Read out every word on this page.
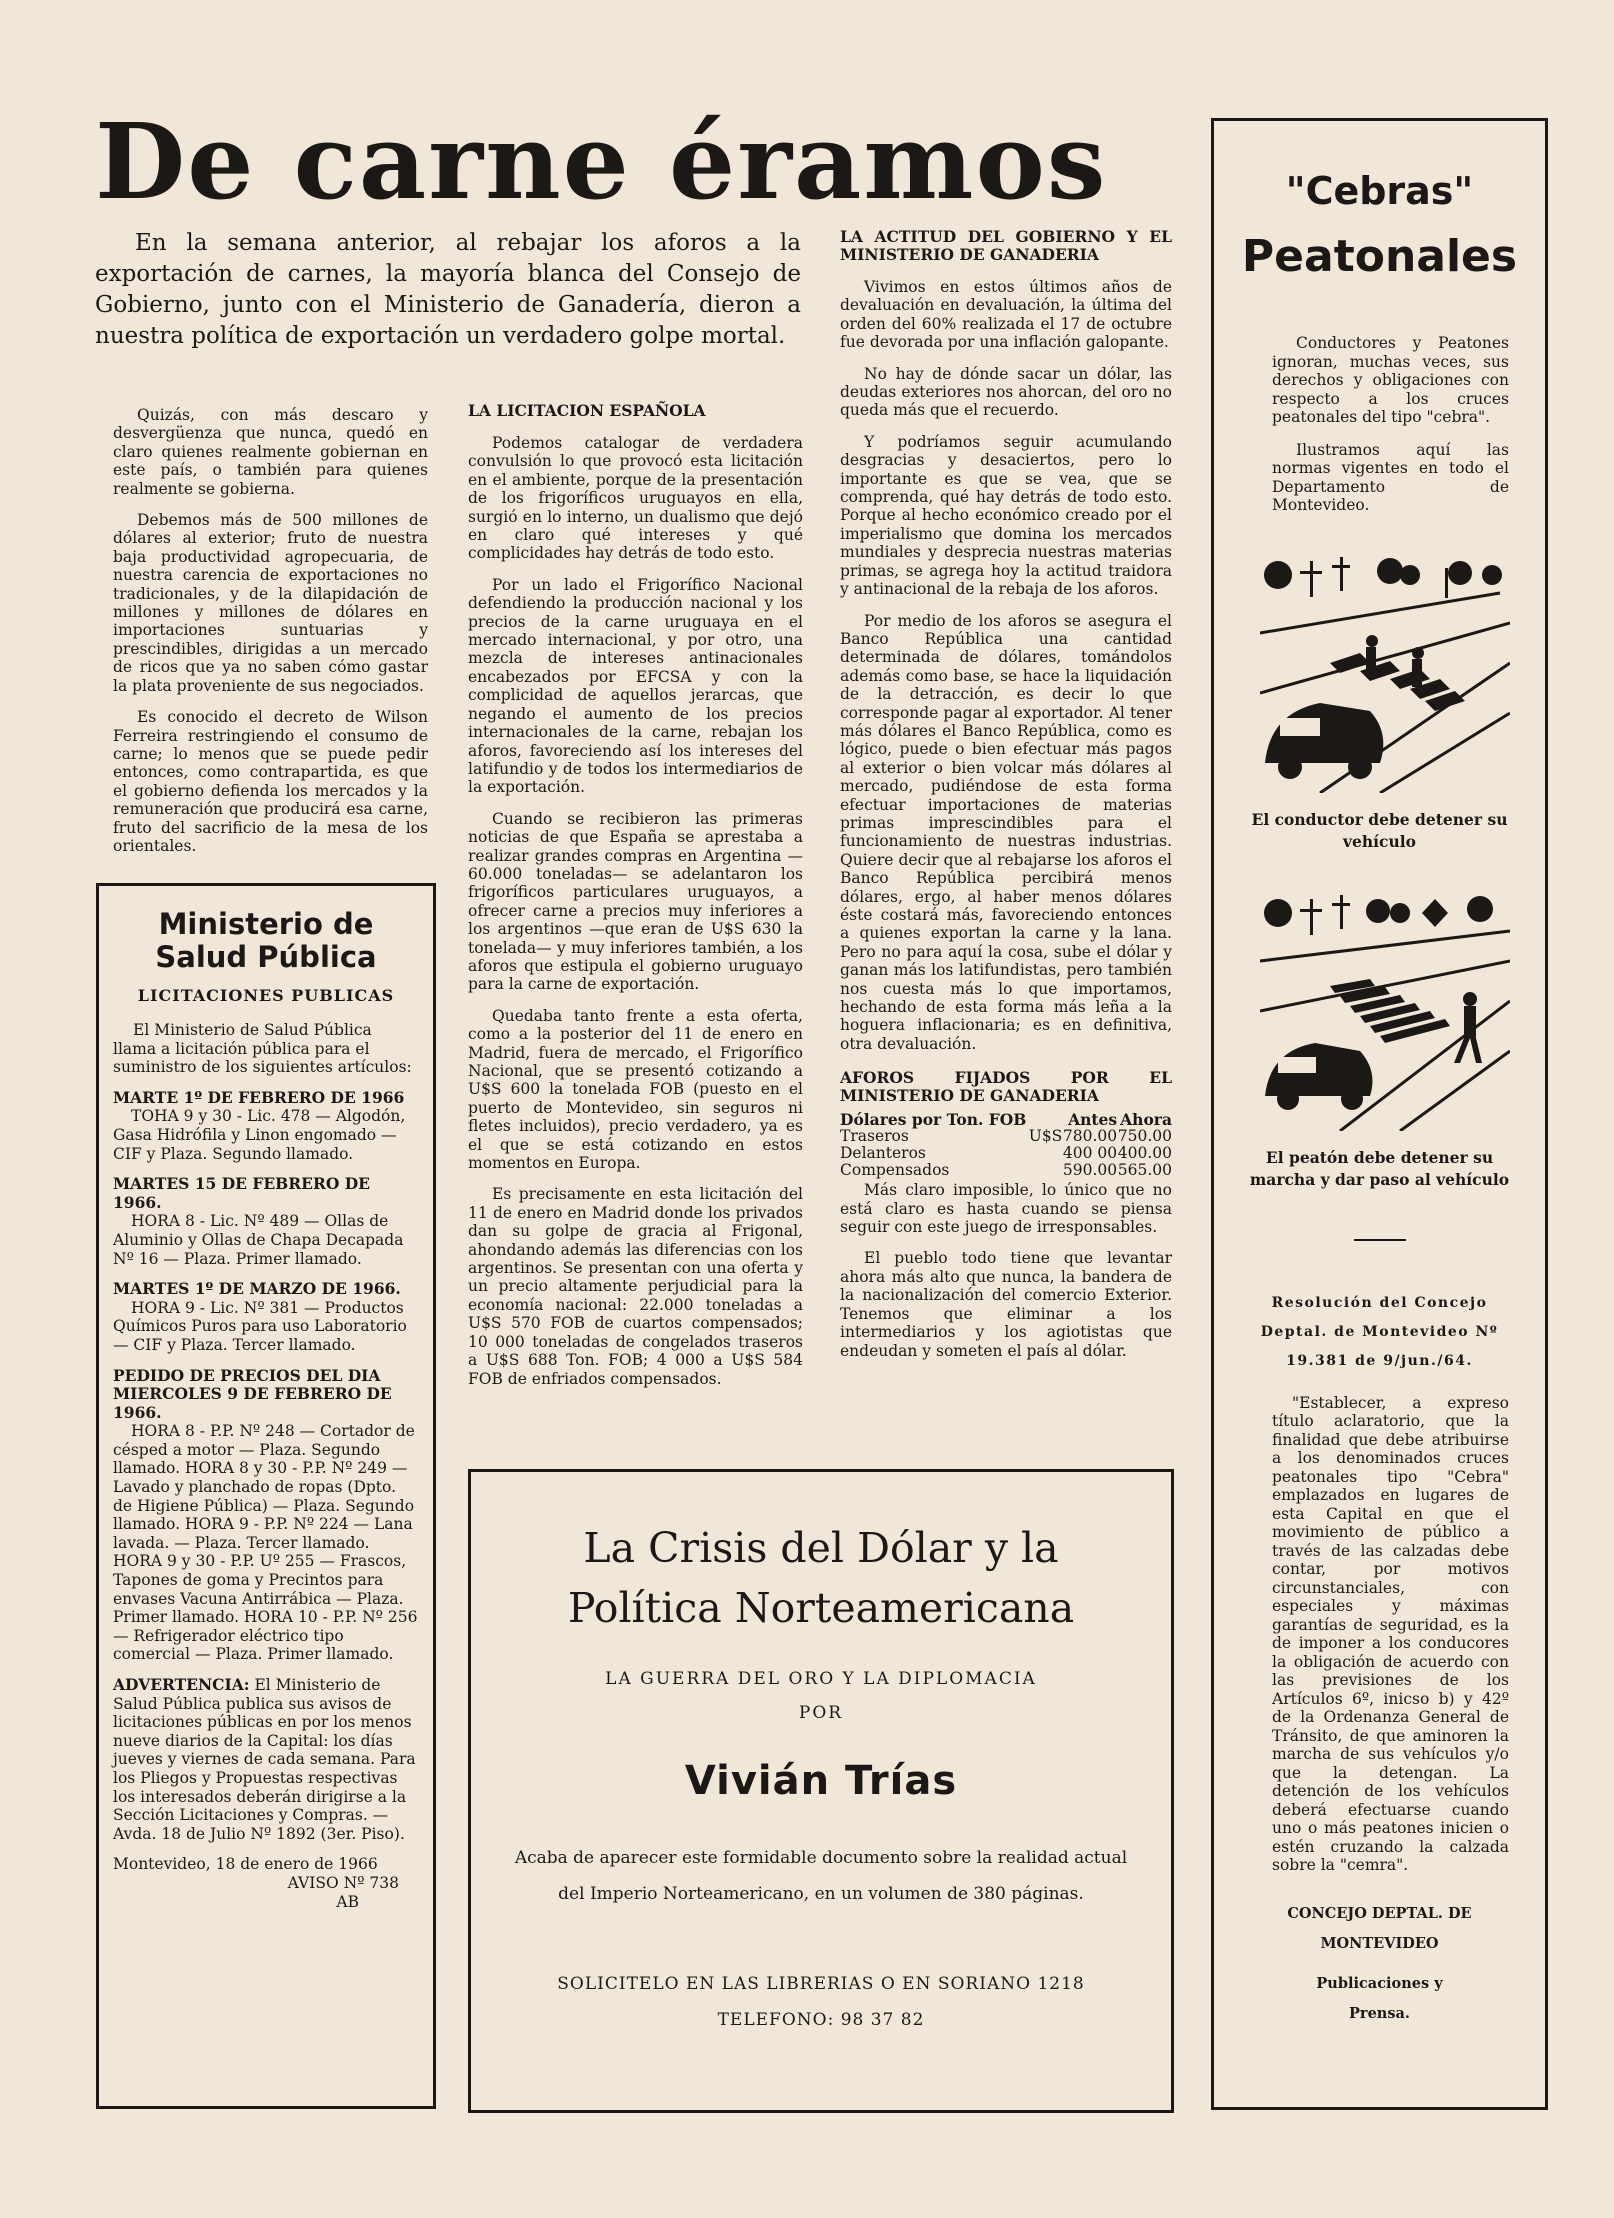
De carne éramos
En la semana anterior, al rebajar los aforos a la exportación de carnes, la mayoría blanca del Consejo de Gobierno, junto con el Ministerio de Ganadería, dieron a nuestra política de exportación un verdadero golpe mortal.

Quizás, con más descaro y desvergüenza que nunca, quedó en claro quienes realmente gobiernan en este país, o también para quienes realmente se gobierna.

Debemos más de 500 millones de dólares al exterior; fruto de nuestra baja productividad agropecuaria, de nuestra carencia de exportaciones no tradicionales, y de la dilapidación de millones y millones de dólares en importaciones suntuarias y prescindibles, dirigidas a un mercado de ricos que ya no saben cómo gastar la plata proveniente de sus negociados.

Es conocido el decreto de Wilson Ferreira restringiendo el consumo de carne; lo menos que se puede pedir entonces, como contrapartida, es que el gobierno defienda los mercados y la remuneración que producirá esa carne, fruto del sacrificio de la mesa de los orientales.

Ministerio de
Salud Pública
LICITACIONES PUBLICAS

El Ministerio de Salud Pública llama a licitación pública para el suministro de los siguientes artículos:

MARTE 1º DE FEBRERO DE 1966
TOHA 9 y 30 - Lic. 478 — Algodón, Gasa Hidrófila y Linon engomado — CIF y Plaza. Segundo llamado.

MARTES 15 DE FEBRERO DE 1966.
HORA 8 - Lic. Nº 489 — Ollas de Aluminio y Ollas de Chapa Decapada Nº 16 — Plaza. Primer llamado.

MARTES 1º DE MARZO DE 1966.
HORA 9 - Lic. Nº 381 — Productos Químicos Puros para uso Laboratorio — CIF y Plaza. Tercer llamado.

PEDIDO DE PRECIOS DEL DIA MIERCOLES 9 DE FEBRERO DE 1966.
HORA 8 - P.P. Nº 248 — Cortador de césped a motor — Plaza. Segundo llamado. HORA 8 y 30 - P.P. Nº 249 — Lavado y planchado de ropas (Dpto. de Higiene Pública) — Plaza. Segundo llamado. HORA 9 - P.P. Nº 224 — Lana lavada. — Plaza. Tercer llamado. HORA 9 y 30 - P.P. Uº 255 — Frascos, Tapones de goma y Precintos para envases Vacuna Antirrábica — Plaza. Primer llamado. HORA 10 - P.P. Nº 256 — Refrigerador eléctrico tipo comercial — Plaza. Primer llamado.

ADVERTENCIA: El Ministerio de Salud Pública publica sus avisos de licitaciones públicas en por los menos nueve diarios de la Capital: los días jueves y viernes de cada semana. Para los Pliegos y Propuestas respectivas los interesados deberán dirigirse a la Sección Licitaciones y Compras. — Avda. 18 de Julio Nº 1892 (3er. Piso).

Montevideo, 18 de enero de 1966
AVISO Nº 738
AB
LA LICITACION ESPAÑOLA

Podemos catalogar de verdadera convulsión lo que provocó esta licitación en el ambiente, porque de la presentación de los frigoríficos uruguayos en ella, surgió en lo interno, un dualismo que dejó en claro qué intereses y qué complicidades hay detrás de todo esto.

Por un lado el Frigorífico Nacional defendiendo la producción nacional y los precios de la carne uruguaya en el mercado internacional, y por otro, una mezcla de intereses antinacionales encabezados por EFCSA y con la complicidad de aquellos jerarcas, que negando el aumento de los precios internacionales de la carne, rebajan los aforos, favoreciendo así los intereses del latifundio y de todos los intermediarios de la exportación.

Cuando se recibieron las primeras noticias de que España se aprestaba a realizar grandes compras en Argentina —60.000 toneladas— se adelantaron los frigoríficos particulares uruguayos, a ofrecer carne a precios muy inferiores a los argentinos —que eran de U$S 630 la tonelada— y muy inferiores también, a los aforos que estipula el gobierno uruguayo para la carne de exportación.

Quedaba tanto frente a esta oferta, como a la posterior del 11 de enero en Madrid, fuera de mercado, el Frigorífico Nacional, que se presentó cotizando a U$S 600 la tonelada FOB (puesto en el puerto de Montevideo, sin seguros ni fletes incluidos), precio verdadero, ya es el que se está cotizando en estos momentos en Europa.

Es precisamente en esta licitación del 11 de enero en Madrid donde los privados dan su golpe de gracia al Frigonal, ahondando además las diferencias con los argentinos. Se presentan con una oferta y un precio altamente perjudicial para la economía nacional: 22.000 toneladas a U$S 570 FOB de cuartos compensados; 10 000 toneladas de congelados traseros a U$S 688 Ton. FOB; 4 000 a U$S 584 FOB de enfriados compensados.

LA ACTITUD DEL GOBIERNO Y EL MINISTERIO DE GANADERIA

Vivimos en estos últimos años de devaluación en devaluación, la última del orden del 60% realizada el 17 de octubre fue devorada por una inflación galopante.

No hay de dónde sacar un dólar, las deudas exteriores nos ahorcan, del oro no queda más que el recuerdo.

Y podríamos seguir acumulando desgracias y desaciertos, pero lo importante es que se vea, que se comprenda, qué hay detrás de todo esto. Porque al hecho económico creado por el imperialismo que domina los mercados mundiales y desprecia nuestras materias primas, se agrega hoy la actitud traidora y antinacional de la rebaja de los aforos.

Por medio de los aforos se asegura el Banco República una cantidad determinada de dólares, tomándolos además como base, se hace la liquidación de la detracción, es decir lo que corresponde pagar al exportador. Al tener más dólares el Banco República, como es lógico, puede o bien efectuar más pagos al exterior o bien volcar más dólares al mercado, pudiéndose de esta forma efectuar importaciones de materias primas imprescindibles para el funcionamiento de nuestras industrias. Quiere decir que al rebajarse los aforos el Banco República percibirá menos dólares, ergo, al haber menos dólares éste costará más, favoreciendo entonces a quienes exportan la carne y la lana. Pero no para aquí la cosa, sube el dólar y ganan más los latifundistas, pero también nos cuesta más lo que importamos, hechando de esta forma más leña a la hoguera inflacionaria; es en definitiva, otra devaluación.

AFOROS FIJADOS POR EL MINISTERIO DE GANADERIA
Dólares por Ton. FOB		Antes	Ahora
Traseros	U$S	780.00	750.00
Delanteros		400 00	400.00
Compensados		590.00	565.00

Más claro imposible, lo único que no está claro es hasta cuando se piensa seguir con este juego de irresponsables.

El pueblo todo tiene que levantar ahora más alto que nunca, la bandera de la nacionalización del comercio Exterior. Tenemos que eliminar a los intermediarios y los agiotistas que endeudan y someten el país al dólar.

La Crisis del Dólar y la
Política Norteamericana
LA GUERRA DEL ORO Y LA DIPLOMACIA
POR
Vivián Trías
Acaba de aparecer este formidable documento sobre la realidad actual del Imperio Norteamericano, en un volumen de 380 páginas.
SOLICITELO EN LAS LIBRERIAS O EN SORIANO 1218
TELEFONO: 98 37 82
"Cebras"
Peatonales
Conductores y Peatones ignoran, muchas veces, sus derechos y obligaciones con respecto a los cruces peatonales del tipo "cebra".
Ilustramos aquí las normas vigentes en todo el Departamento de Montevideo.
El conductor debe detener su vehículo
El peatón debe detener su marcha y dar paso al vehículo
Resolución del Concejo Deptal. de Montevideo Nº 19.381 de 9/jun./64.
"Establecer, a expreso título aclaratorio, que la finalidad que debe atribuirse a los denominados cruces peatonales tipo "Cebra" emplazados en lugares de esta Capital en que el movimiento de público a través de las calzadas debe contar, por motivos circunstanciales, con especiales y máximas garantías de seguridad, es la de imponer a los conducores la obligación de acuerdo con las previsiones de los Artículos 6º, inicso b) y 42º de la Ordenanza General de Tránsito, de que aminoren la marcha de sus vehículos y/o que la detengan. La detención de los vehículos deberá efectuarse cuando uno o más peatones inicien o estén cruzando la calzada sobre la "cemra".
CONCEJO DEPTAL. DE MONTEVIDEO
Publicaciones y Prensa.
